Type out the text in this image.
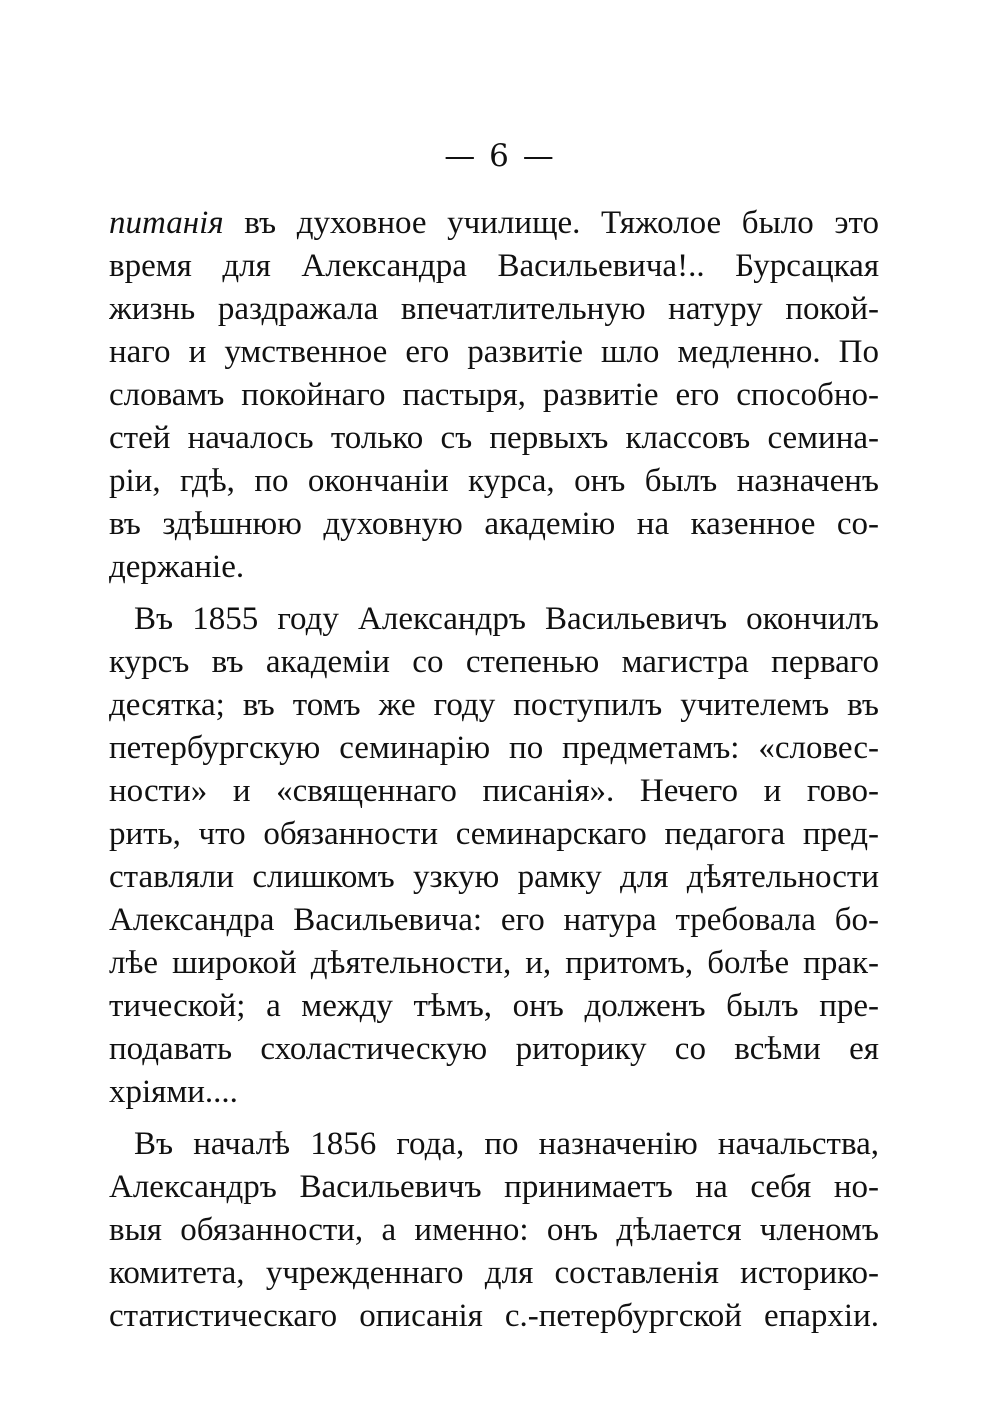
— 6 —
питанія въ духовное училище. Тяжолое было это
время для Александра Васильевича!.. Бурсацкая
жизнь раздражала впечатлительную натуру покой-
наго и умственное его развитіе шло медленно. По
словамъ покойнаго пастыря, развитіе его способно-
стей началось только съ первыхъ классовъ семина-
ріи, гдѣ, по окончаніи курса, онъ былъ назначенъ
въ здѣшнюю духовную академію на казенное со-
держаніе.
Въ 1855 году Александръ Васильевичъ окончилъ
курсъ въ академіи со степенью магистра перваго
десятка; въ томъ же году поступилъ учителемъ въ
петербургскую семинарію по предметамъ: «словес-
ности» и «священнаго писанія». Нечего и гово-
рить, что обязанности семинарскаго педагога пред-
ставляли слишкомъ узкую рамку для дѣятельности
Александра Васильевича: его натура требовала бо-
лѣе широкой дѣятельности, и, притомъ, болѣе прак-
тической; а между тѣмъ, онъ долженъ былъ пре-
подавать схоластическую риторику со всѣми ея
хріями....
Въ началѣ 1856 года, по назначенію начальства,
Александръ Васильевичъ принимаетъ на себя но-
выя обязанности, а именно: онъ дѣлается членомъ
комитета, учрежденнаго для составленія историко-
статистическаго описанія с.-петербургской епархіи.
